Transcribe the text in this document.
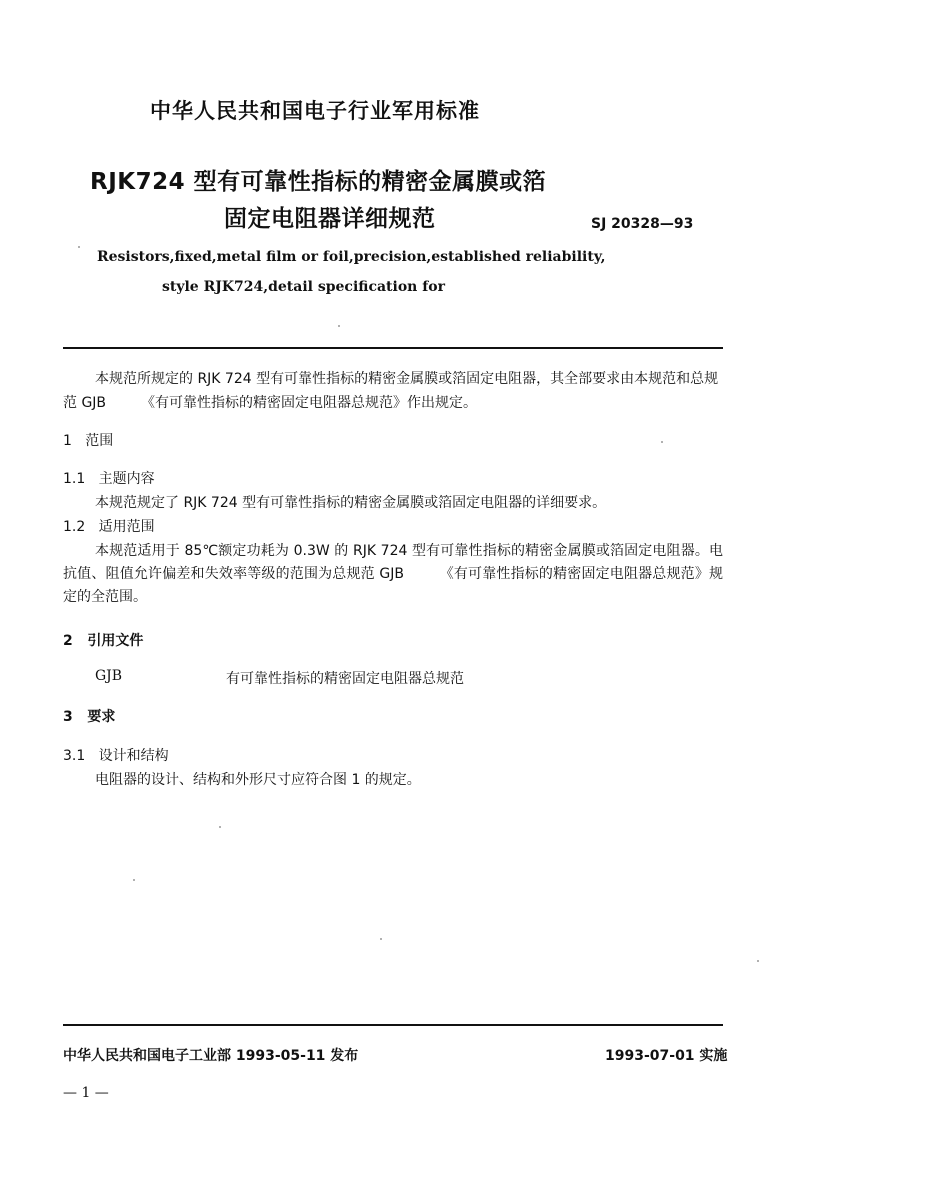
中华人民共和国电子行业军用标准
RJK724 型有可靠性指标的精密金属膜或箔
固定电阻器详细规范	SJ 20328—93
Resistors,fixed,metal film or foil,precision,established reliability,
style RJK724,detail specification for
本规范所规定的 RJK 724 型有可靠性指标的精密金属膜或箔固定电阻器，其全部要求由本规范和总规范 GJB　　　《有可靠性指标的精密固定电阻器总规范》作出规定。
1 范围
1.1 主题内容
本规范规定了 RJK 724 型有可靠性指标的精密金属膜或箔固定电阻器的详细要求。
1.2 适用范围
本规范适用于 85℃额定功耗为 0.3W 的 RJK 724 型有可靠性指标的精密金属膜或箔固定电阻器。电抗值、阻值允许偏差和失效率等级的范围为总规范 GJB　　　《有可靠性指标的精密固定电阻器总规范》规定的全范围。
2 引用文件
GJB	有可靠性指标的精密固定电阻器总规范
3 要求
3.1 设计和结构
电阻器的设计、结构和外形尺寸应符合图 1 的规定。
中华人民共和国电子工业部 1993-05-11 发布	1993-07-01 实施
— 1 —
